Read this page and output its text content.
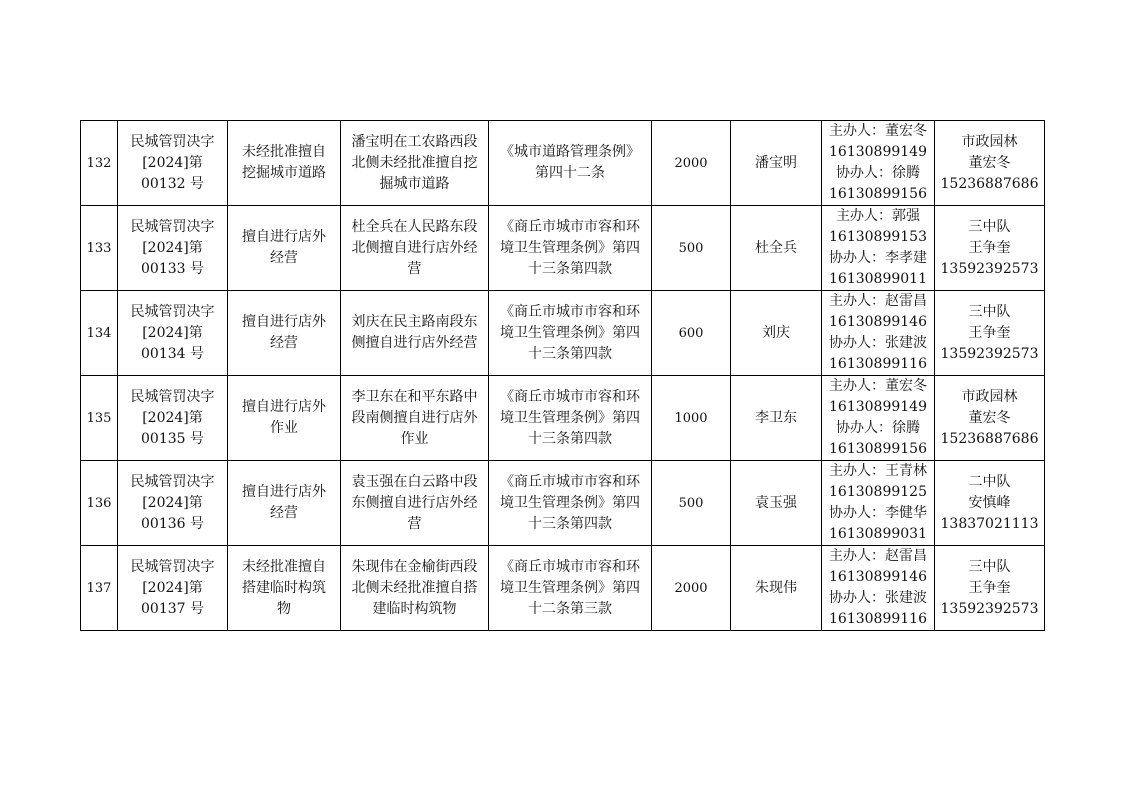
132	民城管罚决字
[2024]第
00132 号	未经批准擅自
挖掘城市道路	潘宝明在工农路西段
北侧未经批准擅自挖
掘城市道路	《城市道路管理条例》
第四十二条	2000	潘宝明	主办人：董宏冬
16130899149
协办人：徐腾
16130899156	市政园林
董宏冬
15236887686
133	民城管罚决字
[2024]第
00133 号	擅自进行店外
经营	杜全兵在人民路东段
北侧擅自进行店外经
营	《商丘市城市市容和环
境卫生管理条例》第四
十三条第四款	500	杜全兵	主办人：郭强
16130899153
协办人：李孝建
16130899011	三中队
王争奎
13592392573
134	民城管罚决字
[2024]第
00134 号	擅自进行店外
经营	刘庆在民主路南段东
侧擅自进行店外经营	《商丘市城市市容和环
境卫生管理条例》第四
十三条第四款	600	刘庆	主办人：赵雷昌
16130899146
协办人：张建波
16130899116	三中队
王争奎
13592392573
135	民城管罚决字
[2024]第
00135 号	擅自进行店外
作业	李卫东在和平东路中
段南侧擅自进行店外
作业	《商丘市城市市容和环
境卫生管理条例》第四
十三条第四款	1000	李卫东	主办人：董宏冬
16130899149
协办人：徐腾
16130899156	市政园林
董宏冬
15236887686
136	民城管罚决字
[2024]第
00136 号	擅自进行店外
经营	袁玉强在白云路中段
东侧擅自进行店外经
营	《商丘市城市市容和环
境卫生管理条例》第四
十三条第四款	500	袁玉强	主办人：王青林
16130899125
协办人：李健华
16130899031	二中队
安慎峰
13837021113
137	民城管罚决字
[2024]第
00137 号	未经批准擅自
搭建临时构筑
物	朱现伟在金榆街西段
北侧未经批准擅自搭
建临时构筑物	《商丘市城市市容和环
境卫生管理条例》第四
十二条第三款	2000	朱现伟	主办人：赵雷昌
16130899146
协办人：张建波
16130899116	三中队
王争奎
13592392573
